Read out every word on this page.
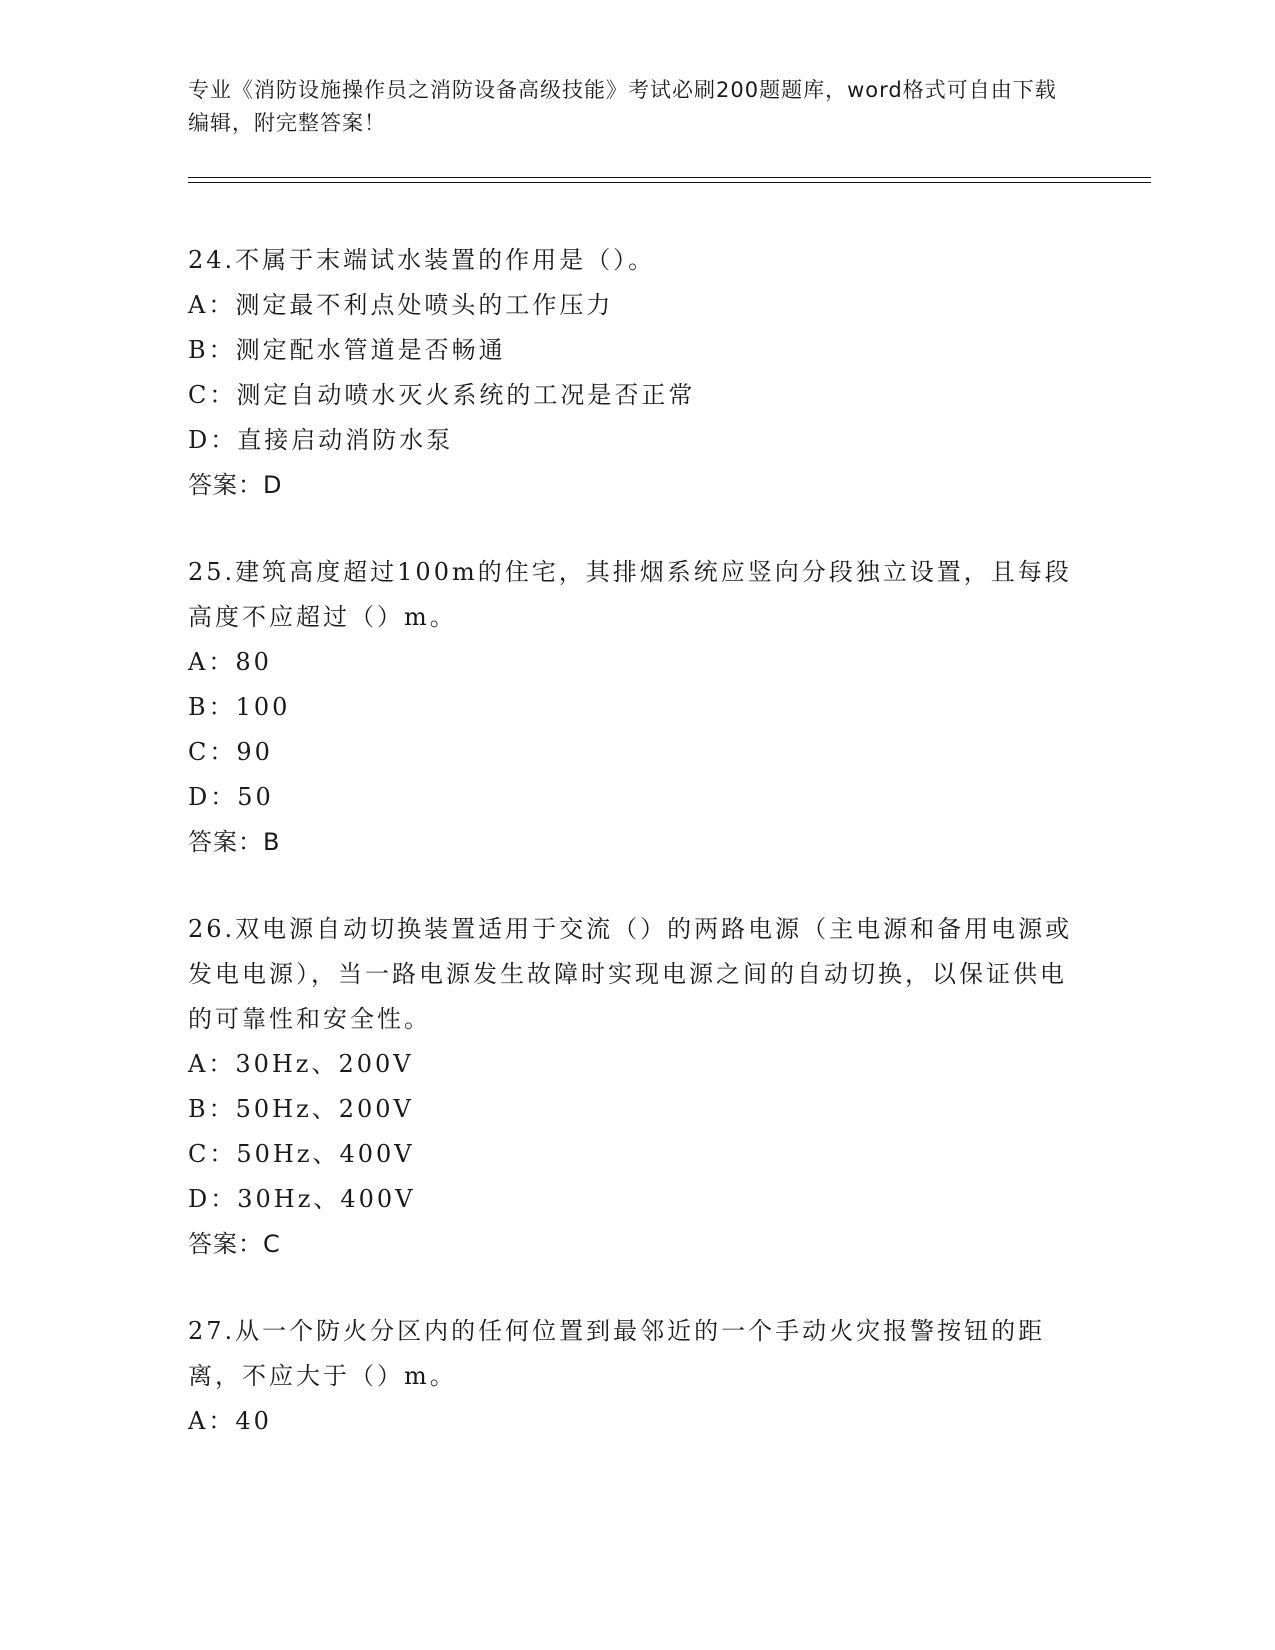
专业《消防设施操作员之消防设备高级技能》考试必刷200题题库，word格式可自由下载编辑，附完整答案！
24.不属于末端试水装置的作用是（）。
A：测定最不利点处喷头的工作压力
B：测定配水管道是否畅通
C：测定自动喷水灭火系统的工况是否正常
D：直接启动消防水泵
答案：D
25.建筑高度超过100m的住宅，其排烟系统应竖向分段独立设置，且每段高度不应超过（）m。
A：80
B：100
C：90
D：50
答案：B
26.双电源自动切换装置适用于交流（）的两路电源（主电源和备用电源或发电电源），当一路电源发生故障时实现电源之间的自动切换，以保证供电的可靠性和安全性。
A：30Hz、200V
B：50Hz、200V
C：50Hz、400V
D：30Hz、400V
答案：C
27.从一个防火分区内的任何位置到最邻近的一个手动火灾报警按钮的距离，不应大于（）m。
A：40
